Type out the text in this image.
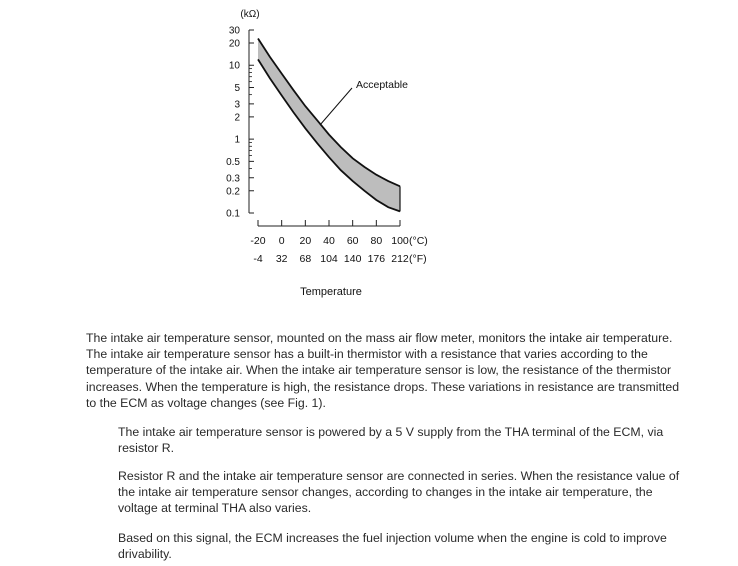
30
20
10
5
3
2
1
0.5
0.3
0.2
0.1
(kΩ)
-20
-4
0
32
20
68
40
104
60
140
80
176
100
212
(°C)
(°F)
Temperature
Acceptable

The intake air temperature sensor, mounted on the mass air flow meter, monitors the intake air temperature. The intake air temperature sensor has a built-in thermistor with a resistance that varies according to the temperature of the intake air. When the intake air temperature sensor is low, the resistance of the thermistor increases. When the temperature is high, the resistance drops. These variations in resistance are transmitted to the ECM as voltage changes (see Fig. 1).

The intake air temperature sensor is powered by a 5 V supply from the THA terminal of the ECM, via resistor R.

Resistor R and the intake air temperature sensor are connected in series. When the resistance value of the intake air temperature sensor changes, according to changes in the intake air temperature, the voltage at terminal THA also varies.

Based on this signal, the ECM increases the fuel injection volume when the engine is cold to improve drivability.
